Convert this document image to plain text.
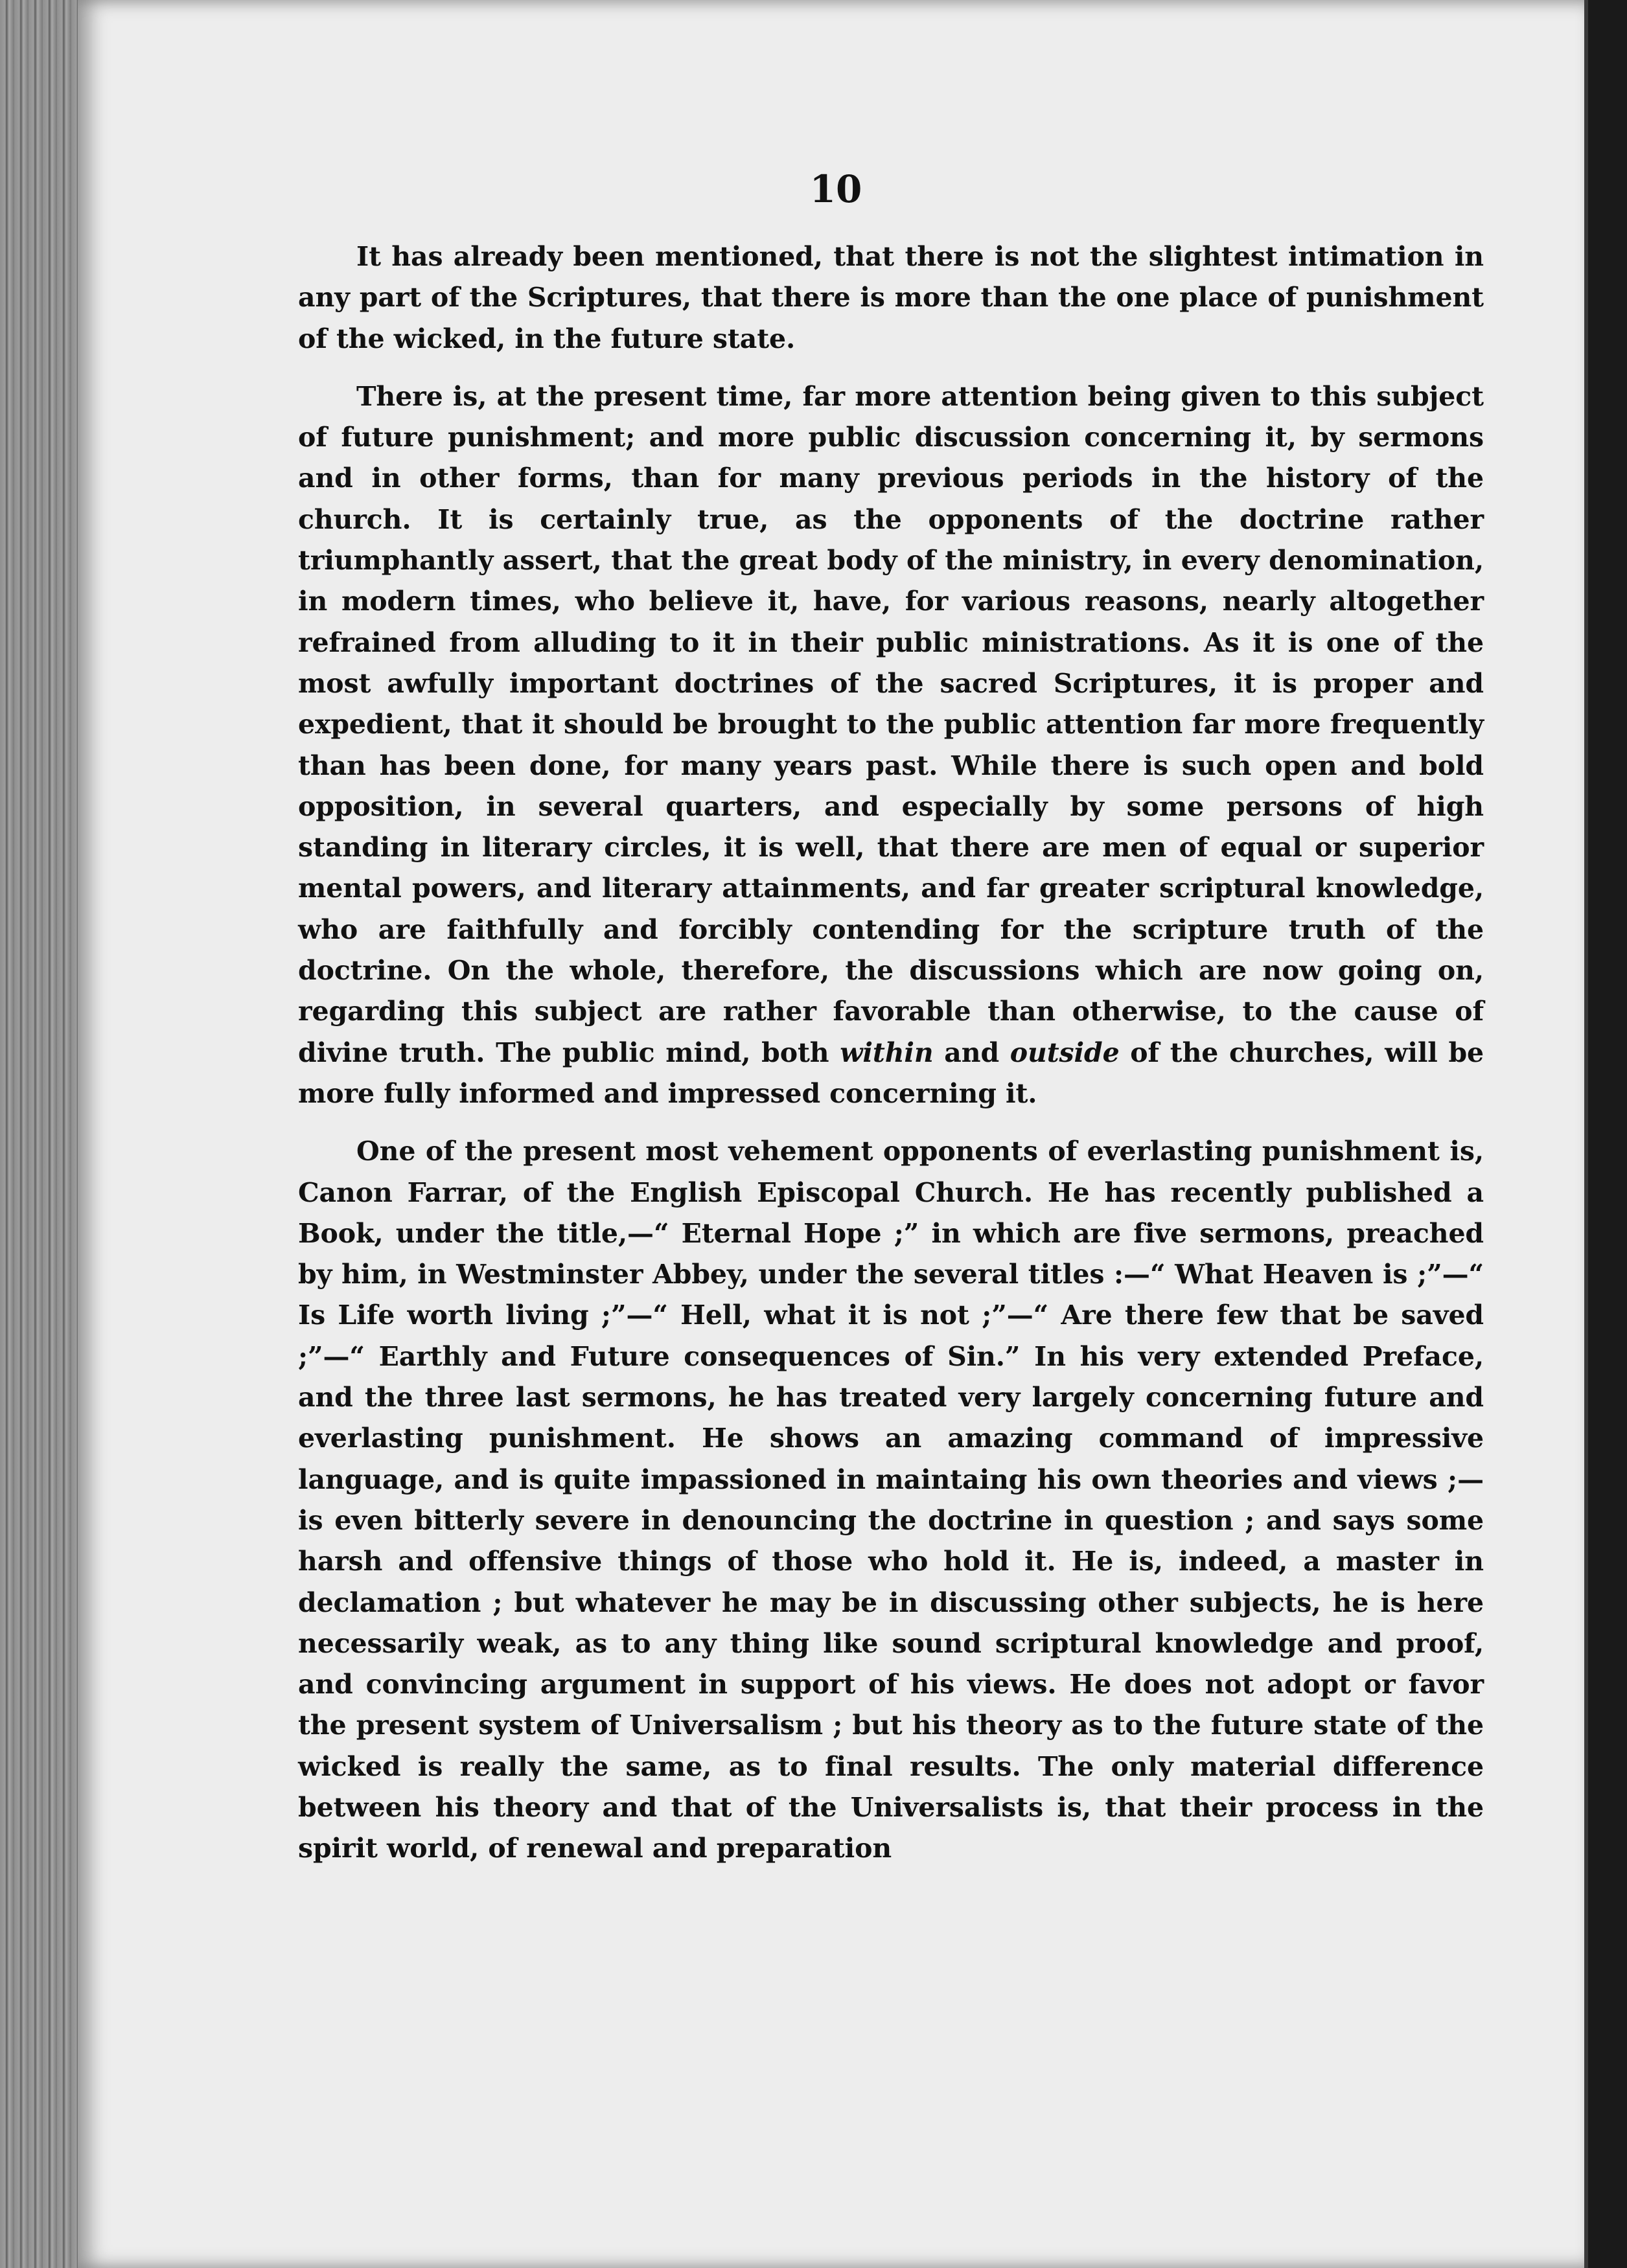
10

It has already been mentioned, that there is not the slightest intimation in any part of the Scriptures, that there is more than the one place of punishment of the wicked, in the future state.

There is, at the present time, far more attention being given to this subject of future punishment; and more public discussion concerning it, by sermons and in other forms, than for many previous periods in the history of the church. It is certainly true, as the opponents of the doctrine rather triumphantly assert, that the great body of the ministry, in every denomination, in modern times, who believe it, have, for various reasons, nearly altogether refrained from alluding to it in their public ministrations. As it is one of the most awfully important doctrines of the sacred Scriptures, it is proper and expedient, that it should be brought to the public attention far more frequently than has been done, for many years past. While there is such open and bold opposition, in several quarters, and especially by some persons of high standing in literary circles, it is well, that there are men of equal or superior mental powers, and literary attainments, and far greater scriptural knowledge, who are faithfully and forcibly contending for the scripture truth of the doctrine. On the whole, therefore, the discussions which are now going on, regarding this subject are rather favorable than otherwise, to the cause of divine truth. The public mind, both within and outside of the churches, will be more fully informed and impressed concerning it.

One of the present most vehement opponents of everlasting punishment is, Canon Farrar, of the English Episcopal Church. He has recently published a Book, under the title,—“ Eternal Hope ;” in which are five sermons, preached by him, in Westminster Abbey, under the several titles :—“ What Heaven is ;”—“ Is Life worth living ;”—“ Hell, what it is not ;”—“ Are there few that be saved ;”—“ Earthly and Future consequences of Sin.” In his very extended Preface, and the three last sermons, he has treated very largely concerning future and everlasting punishment. He shows an amazing command of impressive language, and is quite impassioned in maintaing his own theories and views ;—is even bitterly severe in denouncing the doctrine in question ; and says some harsh and offensive things of those who hold it. He is, indeed, a master in declamation ; but whatever he may be in discussing other subjects, he is here necessarily weak, as to any thing like sound scriptural knowledge and proof, and convincing argument in support of his views. He does not adopt or favor the present system of Universalism ; but his theory as to the future state of the wicked is really the same, as to final results. The only material difference between his theory and that of the Universalists is, that their process in the spirit world, of renewal and preparation
